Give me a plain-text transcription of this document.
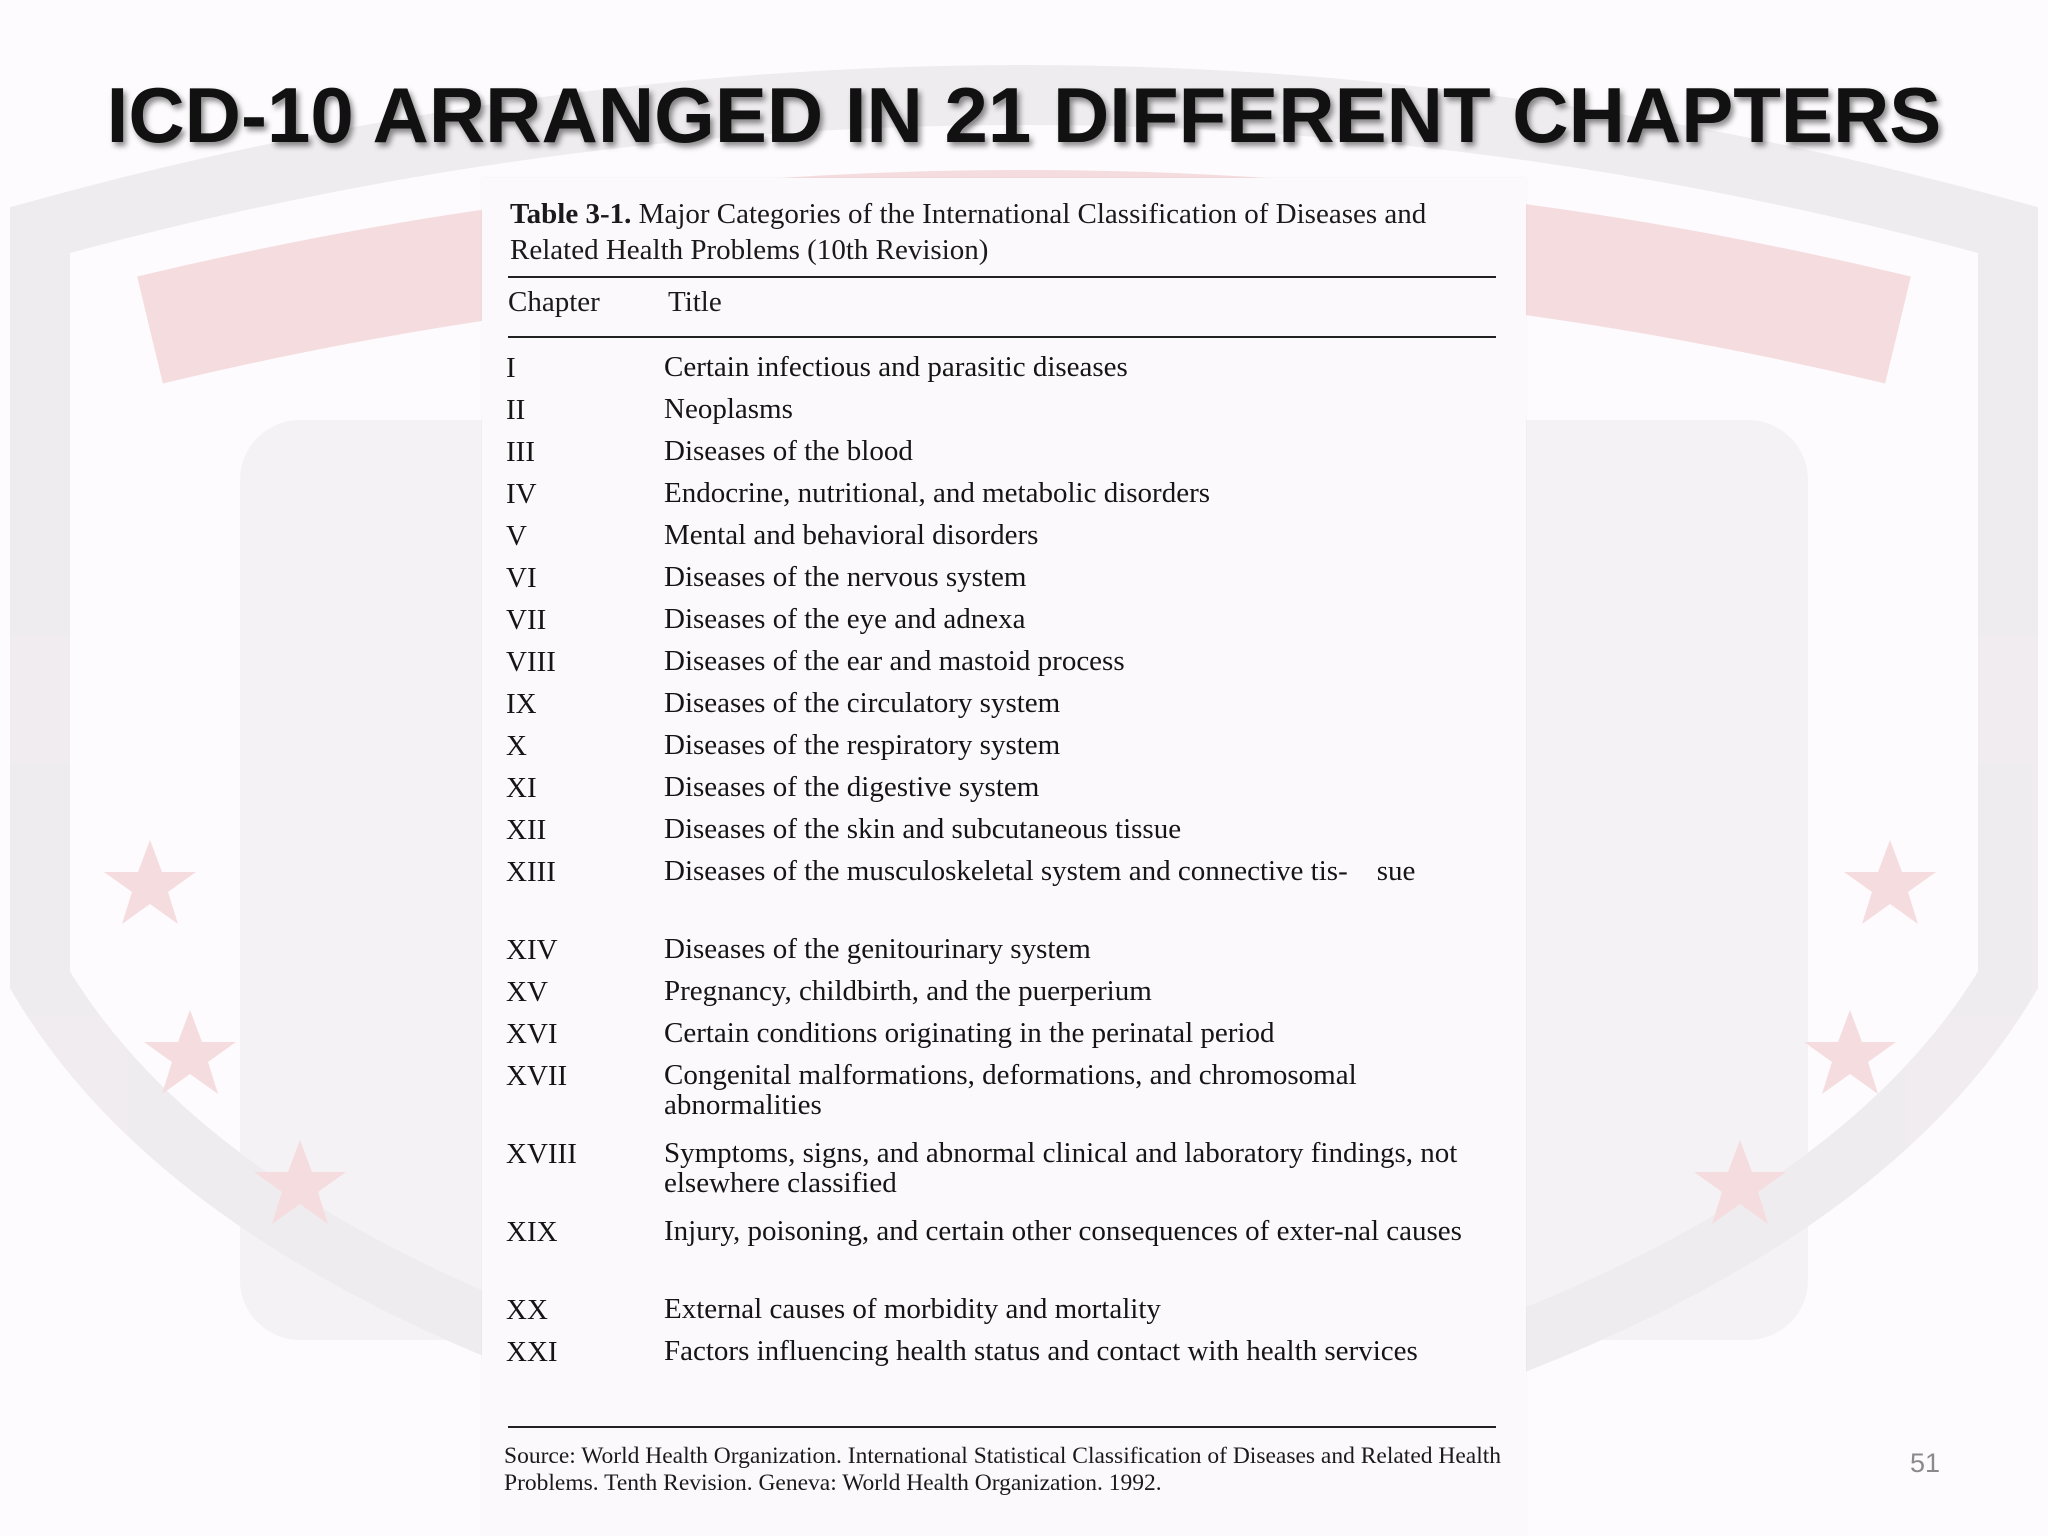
ICD-10 ARRANGED IN 21 DIFFERENT CHAPTERS
Table 3-1. Major Categories of the International Classification of Diseases and Related Health Problems (10th Revision)
Chapter Title
I	Certain infectious and parasitic diseases
II	Neoplasms
III	Diseases of the blood
IV	Endocrine, nutritional, and metabolic disorders
V	Mental and behavioral disorders
VI	Diseases of the nervous system
VII	Diseases of the eye and adnexa
VIII	Diseases of the ear and mastoid process
IX	Diseases of the circulatory system
X	Diseases of the respiratory system
XI	Diseases of the digestive system
XII	Diseases of the skin and subcutaneous tissue
XIII	Diseases of the musculoskeletal system and connective tis-    sue
XIV	Diseases of the genitourinary system
XV	Pregnancy, childbirth, and the puerperium
XVI	Certain conditions originating in the perinatal period
XVII	Congenital malformations, deformations, and chromosomal abnormalities
XVIII	Symptoms, signs, and abnormal clinical and laboratory findings, not elsewhere classified
XIX	Injury, poisoning, and certain other consequences of exter-nal causes
XX	External causes of morbidity and mortality
XXI	Factors influencing health status and contact with health services
Source: World Health Organization. International Statistical Classification of Diseases and Related Health Problems. Tenth Revision. Geneva: World Health Organization. 1992.
51
